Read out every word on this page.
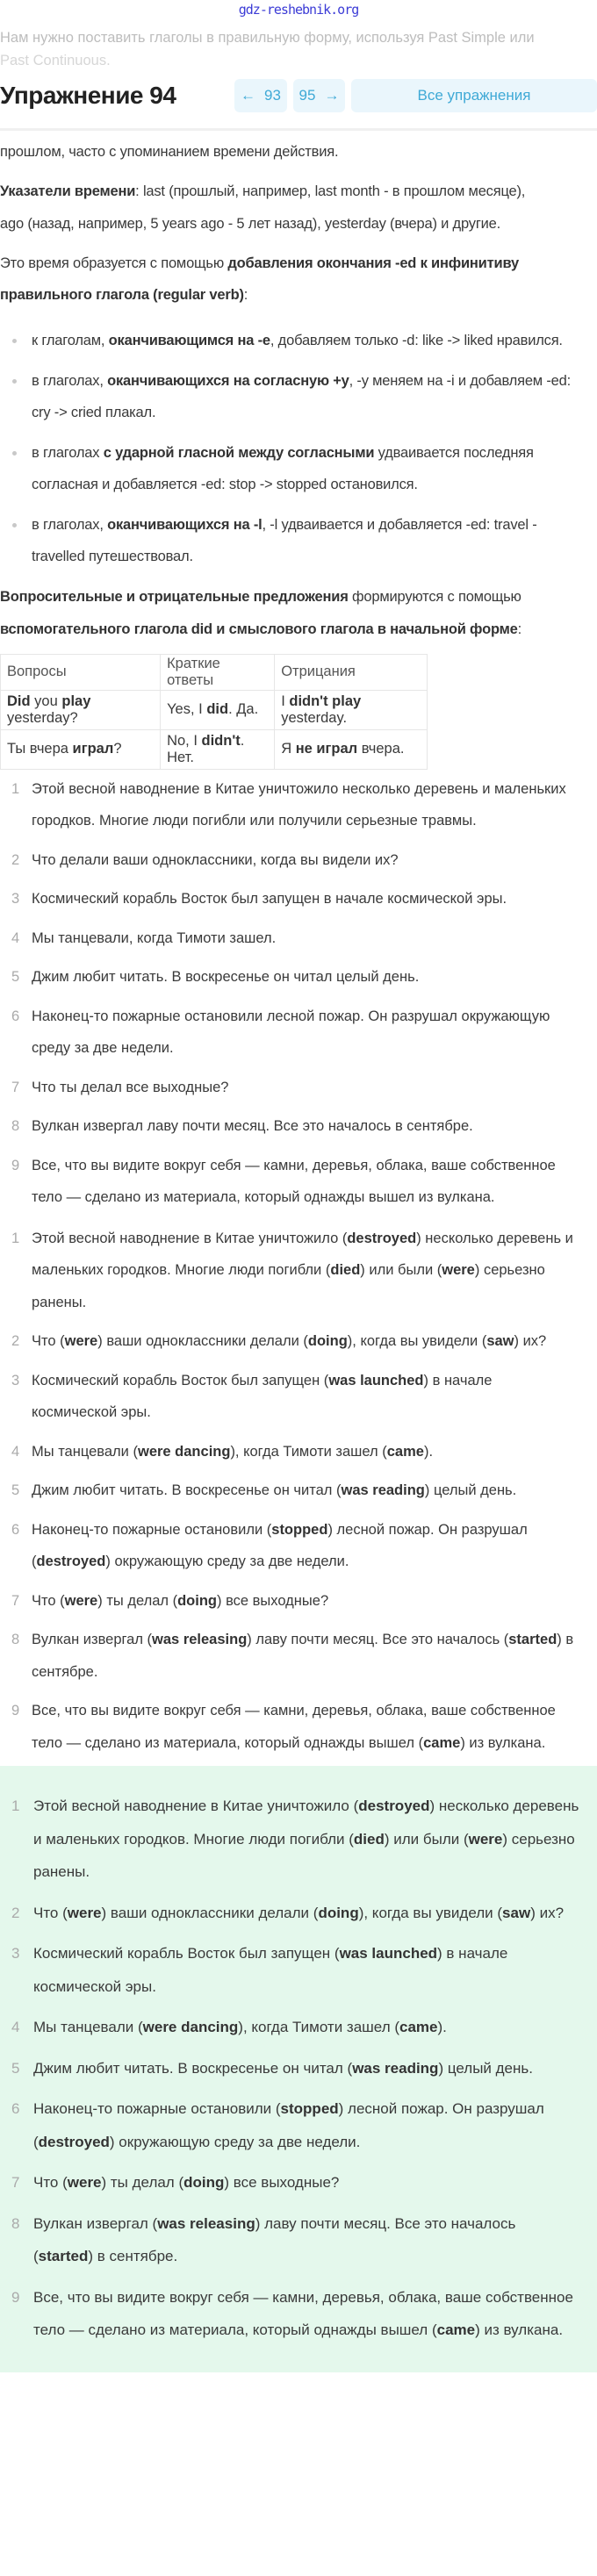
gdz-reshebnik.org
Нам нужно поставить глаголы в правильную форму, используя Past Simple или
Past Continuous.
Упражнение 94	← 93 95 →	Все упражнения
прошлом, часто с упоминанием времени действия.
Указатели времени: last (прошлый, например, last month - в прошлом месяце),
ago (назад, например, 5 years ago - 5 лет назад), yesterday (вчера) и другие.
Это время образуется с помощью добавления окончания -ed к инфинитиву
правильного глагола (regular verb):
к глаголам, оканчивающимся на -e, добавляем только -d: like -> liked нравился.
в глаголах, оканчивающихся на согласную +y, -y меняем на -i и добавляем -ed: cry -> cried плакал.
в глаголах с ударной гласной между согласными удваивается последняя согласная и добавляется -ed: stop -> stopped остановился.
в глаголах, оканчивающихся на -l, -l удваивается и добавляется -ed: travel - travelled путешествовал.
Вопросительные и отрицательные предложения формируются с помощью
вспомогательного глагола did и смыслового глагола в начальной форме:
Вопросы	Краткие ответы	Отрицания
Did you play yesterday?	Yes, I did. Да.	I didn't play yesterday.
Ты вчера играл?	No, I didn't. Нет.	Я не играл вчера.
1 Этой весной наводнение в Китае уничтожило несколько деревень и маленьких городков. Многие люди погибли или получили серьезные травмы.
2 Что делали ваши одноклассники, когда вы видели их?
3 Космический корабль Восток был запущен в начале космической эры.
4 Мы танцевали, когда Тимоти зашел.
5 Джим любит читать. В воскресенье он читал целый день.
6 Наконец-то пожарные остановили лесной пожар. Он разрушал окружающую среду за две недели.
7 Что ты делал все выходные?
8 Вулкан извергал лаву почти месяц. Все это началось в сентябре.
9 Все, что вы видите вокруг себя — камни, деревья, облака, ваше собственное тело — сделано из материала, который однажды вышел из вулкана.
1 Этой весной наводнение в Китае уничтожило (destroyed) несколько деревень и маленьких городков. Многие люди погибли (died) или были (were) серьезно ранены.
2 Что (were) ваши одноклассники делали (doing), когда вы увидели (saw) их?
3 Космический корабль Восток был запущен (was launched) в начале космической эры.
4 Мы танцевали (were dancing), когда Тимоти зашел (came).
5 Джим любит читать. В воскресенье он читал (was reading) целый день.
6 Наконец-то пожарные остановили (stopped) лесной пожар. Он разрушал (destroyed) окружающую среду за две недели.
7 Что (were) ты делал (doing) все выходные?
8 Вулкан извергал (was releasing) лаву почти месяц. Все это началось (started) в сентябре.
9 Все, что вы видите вокруг себя — камни, деревья, облака, ваше собственное тело — сделано из материала, который однажды вышел (came) из вулкана.
1 Этой весной наводнение в Китае уничтожило (destroyed) несколько деревень и маленьких городков. Многие люди погибли (died) или были (were) серьезно ранены.
2 Что (were) ваши одноклассники делали (doing), когда вы увидели (saw) их?
3 Космический корабль Восток был запущен (was launched) в начале космической эры.
4 Мы танцевали (were dancing), когда Тимоти зашел (came).
5 Джим любит читать. В воскресенье он читал (was reading) целый день.
6 Наконец-то пожарные остановили (stopped) лесной пожар. Он разрушал (destroyed) окружающую среду за две недели.
7 Что (were) ты делал (doing) все выходные?
8 Вулкан извергал (was releasing) лаву почти месяц. Все это началось (started) в сентябре.
9 Все, что вы видите вокруг себя — камни, деревья, облака, ваше собственное тело — сделано из материала, который однажды вышел (came) из вулкана.
